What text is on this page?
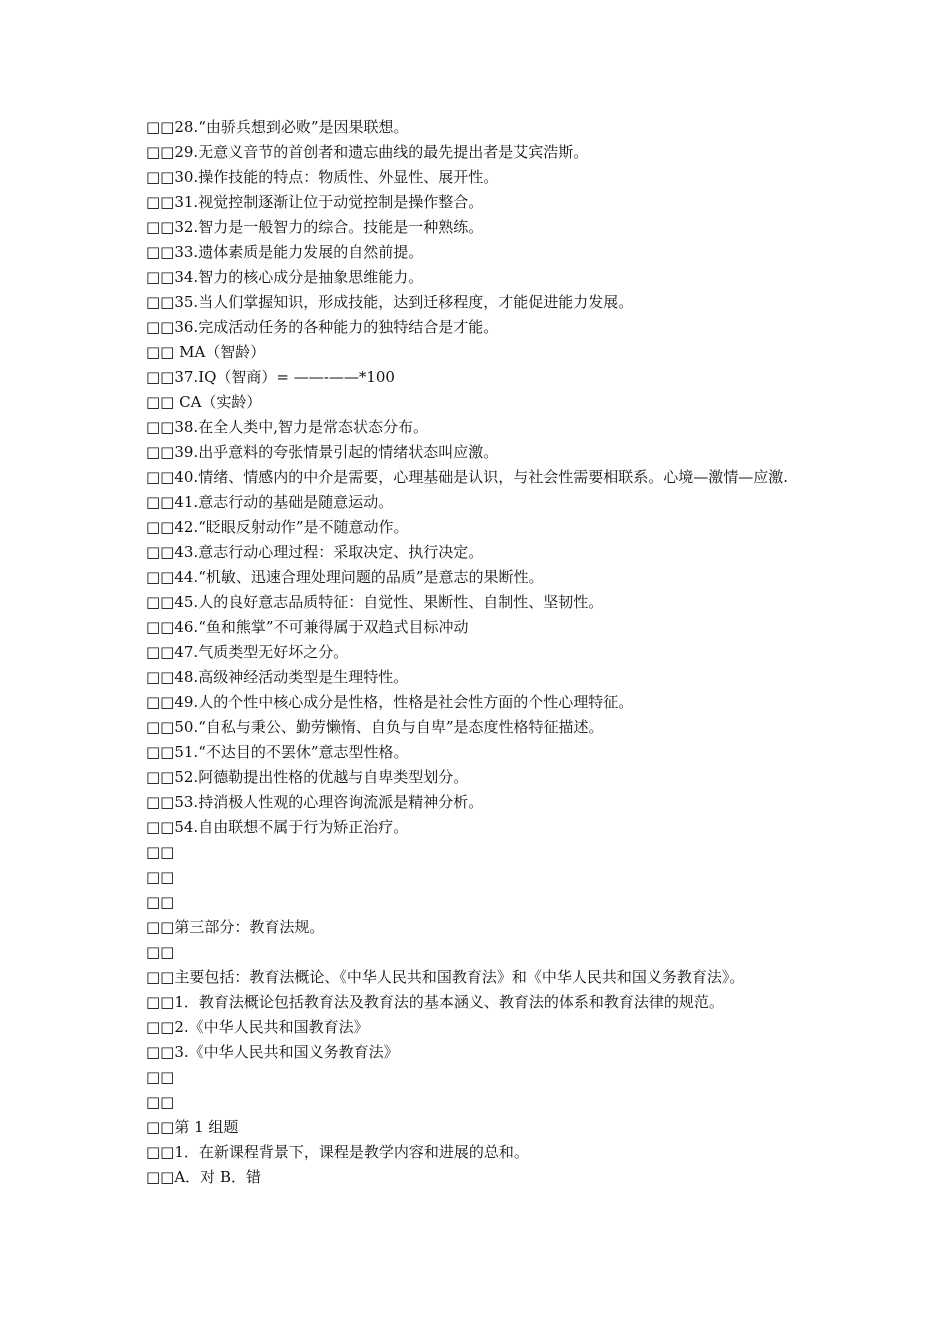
□□28.“由骄兵想到必败”是因果联想。
□□29.无意义音节的首创者和遗忘曲线的最先提出者是艾宾浩斯。
□□30.操作技能的特点：物质性、外显性、展开性。
□□31.视觉控制逐渐让位于动觉控制是操作整合。
□□32.智力是一般智力的综合。技能是一种熟练。
□□33.遗体素质是能力发展的自然前提。
□□34.智力的核心成分是抽象思维能力。
□□35.当人们掌握知识，形成技能，达到迁移程度，才能促进能力发展。
□□36.完成活动任务的各种能力的独特结合是才能。
□□ MA（智龄）
□□37.IQ（智商）= ——-——*100
□□ CA（实龄）
□□38.在全人类中,智力是常态状态分布。
□□39.出乎意料的夸张情景引起的情绪状态叫应激。
□□40.情绪、情感内的中介是需要，心理基础是认识，与社会性需要相联系。心境—激情—应激.
□□41.意志行动的基础是随意运动。
□□42.“眨眼反射动作”是不随意动作。
□□43.意志行动心理过程：采取决定、执行决定。
□□44.“机敏、迅速合理处理问题的品质”是意志的果断性。
□□45.人的良好意志品质特征：自觉性、果断性、自制性、坚韧性。
□□46.“鱼和熊掌”不可兼得属于双趋式目标冲动
□□47.气质类型无好坏之分。
□□48.高级神经活动类型是生理特性。
□□49.人的个性中核心成分是性格，性格是社会性方面的个性心理特征。
□□50.“自私与秉公、勤劳懒惰、自负与自卑”是态度性格特征描述。
□□51.“不达目的不罢休”意志型性格。
□□52.阿德勒提出性格的优越与自卑类型划分。
□□53.持消极人性观的心理咨询流派是精神分析。
□□54.自由联想不属于行为矫正治疗。
□□
□□
□□
□□第三部分：教育法规。
□□
□□主要包括：教育法概论、《中华人民共和国教育法》和《中华人民共和国义务教育法》。
□□1．教育法概论包括教育法及教育法的基本涵义、教育法的体系和教育法律的规范。
□□2.《中华人民共和国教育法》
□□3.《中华人民共和国义务教育法》
□□
□□
□□第 1 组题
□□1．在新课程背景下，课程是教学内容和进展的总和。
□□A．对 B．错
